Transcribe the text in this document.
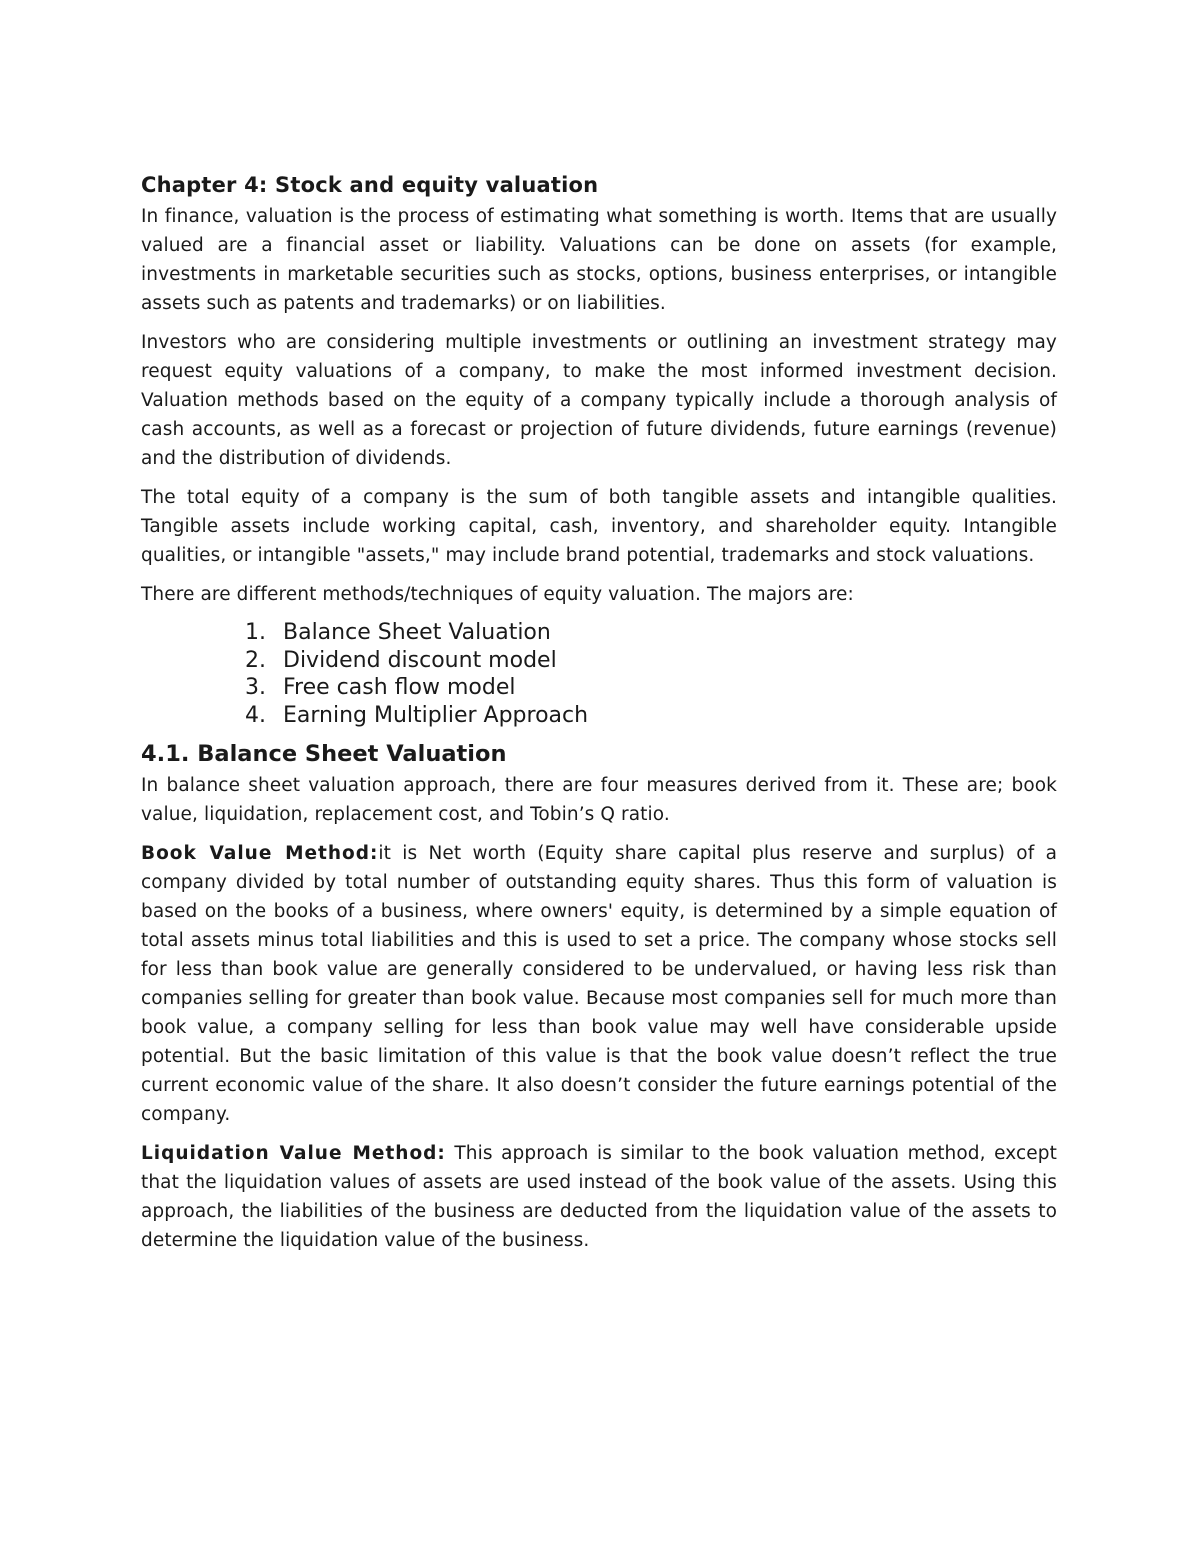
Chapter 4: Stock and equity valuation

In finance, valuation is the process of estimating what something is worth. Items that are usually valued are a financial asset or liability. Valuations can be done on assets (for example, investments in marketable securities such as stocks, options, business enterprises, or intangible assets such as patents and trademarks) or on liabilities.

Investors who are considering multiple investments or outlining an investment strategy may request equity valuations of a company, to make the most informed investment decision. Valuation methods based on the equity of a company typically include a thorough analysis of cash accounts, as well as a forecast or projection of future dividends, future earnings (revenue) and the distribution of dividends.

The total equity of a company is the sum of both tangible assets and intangible qualities. Tangible assets include working capital, cash, inventory, and shareholder equity. Intangible qualities, or intangible "assets," may include brand potential, trademarks and stock valuations.

There are different methods/techniques of equity valuation. The majors are:

1. Balance Sheet Valuation
2. Dividend discount model
3. Free cash flow model
4. Earning Multiplier Approach
4.1. Balance Sheet Valuation

In balance sheet valuation approach, there are four measures derived from it. These are; book value, liquidation, replacement cost, and Tobin’s Q ratio.

Book Value Method:it is Net worth (Equity share capital plus reserve and surplus) of a company divided by total number of outstanding equity shares. Thus this form of valuation is based on the books of a business, where owners' equity, is determined by a simple equation of total assets minus total liabilities and this is used to set a price. The company whose stocks sell for less than book value are generally considered to be undervalued, or having less risk than companies selling for greater than book value. Because most companies sell for much more than book value, a company selling for less than book value may well have considerable upside potential. But the basic limitation of this value is that the book value doesn’t reflect the true current economic value of the share. It also doesn’t consider the future earnings potential of the company.

Liquidation Value Method: This approach is similar to the book valuation method, except that the liquidation values of assets are used instead of the book value of the assets. Using this approach, the liabilities of the business are deducted from the liquidation value of the assets to determine the liquidation value of the business.
